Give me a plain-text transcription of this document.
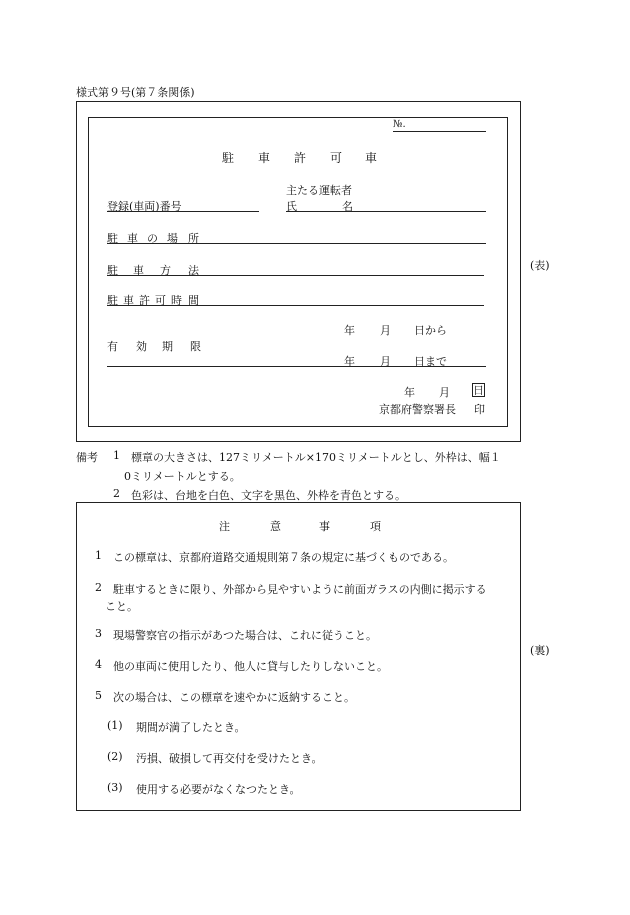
様式第９号(第７条関係)
(表)
№.
駐 車 許 可 車
登録(車両)番号
主たる運転者
氏	名
駐 車 の 場 所
駐 車 方 法
駐 車 許 可 時 間
有 効 期 限
年 月 日から
年 月 日まで
年 月 日
京都府警察署長 印
備考 1 標章の大きさは、127ミリメートル×170ミリメートルとし、外枠は、幅１
0ミリメートルとする。
2 色彩は、台地を白色、文字を黒色、外枠を青色とする。
(裏)
注	意	事	項
1 この標章は、京都府道路交通規則第７条の規定に基づくものである。
2 駐車するときに限り、外部から見やすいように前面ガラスの内側に掲示する
こと。
3 現場警察官の指示があつた場合は、これに従うこと。
4 他の車両に使用したり、他人に貸与したりしないこと。
5 次の場合は、この標章を速やかに返納すること。
(1) 期間が満了したとき。
(2) 汚損、破損して再交付を受けたとき。
(3) 使用する必要がなくなつたとき。
